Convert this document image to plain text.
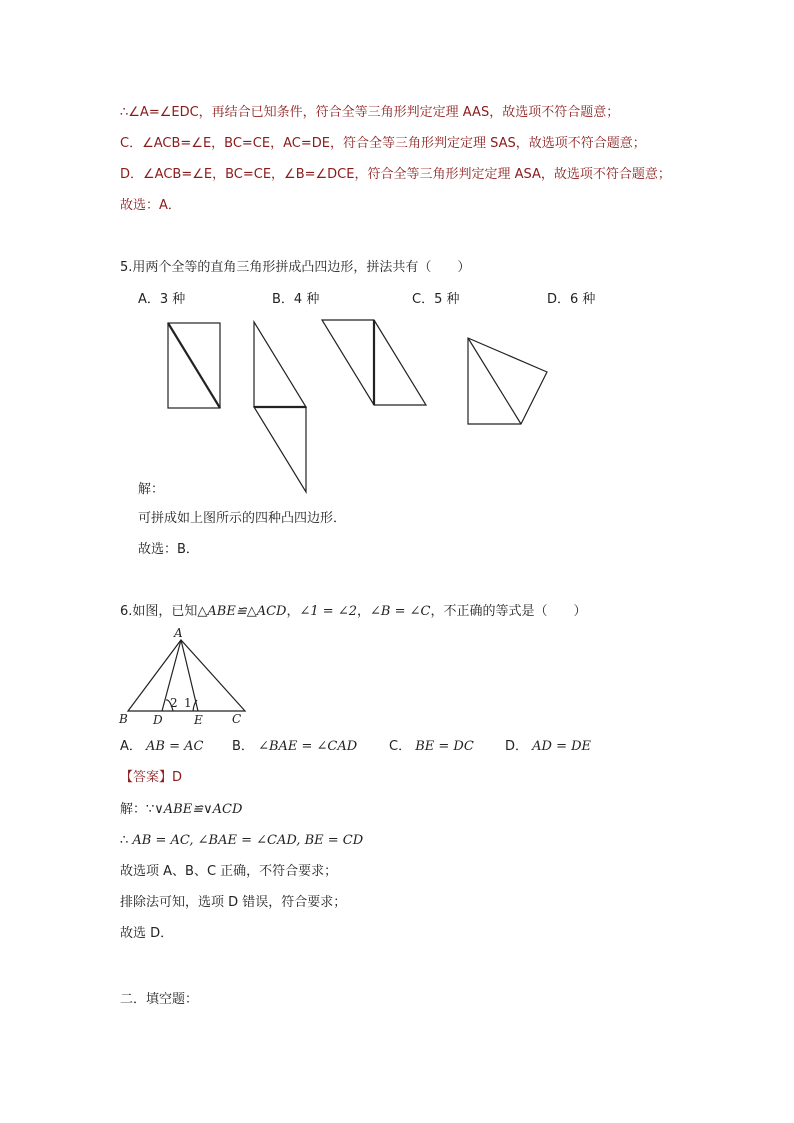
∴∠A=∠EDC，再结合已知条件，符合全等三角形判定定理 AAS，故选项不符合题意；
C．∠ACB=∠E，BC=CE，AC=DE，符合全等三角形判定定理 SAS，故选项不符合题意；
D．∠ACB=∠E，BC=CE，∠B=∠DCE，符合全等三角形判定定理 ASA，故选项不符合题意；
故选：A．
5.用两个全等的直角三角形拼成凸四边形，拼法共有（　　）
A．3 种	B．4 种	C．5 种	D．6 种
解：
可拼成如上图所示的四种凸四边形．
故选：B．
6.如图，已知△ABE≌△ACD，∠1 = ∠2，∠B = ∠C，不正确的等式是（　　）
A
B D	E C
2 1
A． AB = AC B． ∠BAE = ∠CAD C． BE = DC D． AD = DE
【答案】D
解：∵∨ABE≌∨ACD
∴ AB = AC, ∠BAE = ∠CAD, BE = CD
故选项 A、B、C 正确，不符合要求；
排除法可知，选项 D 错误，符合要求；
故选 D．
二．填空题：
